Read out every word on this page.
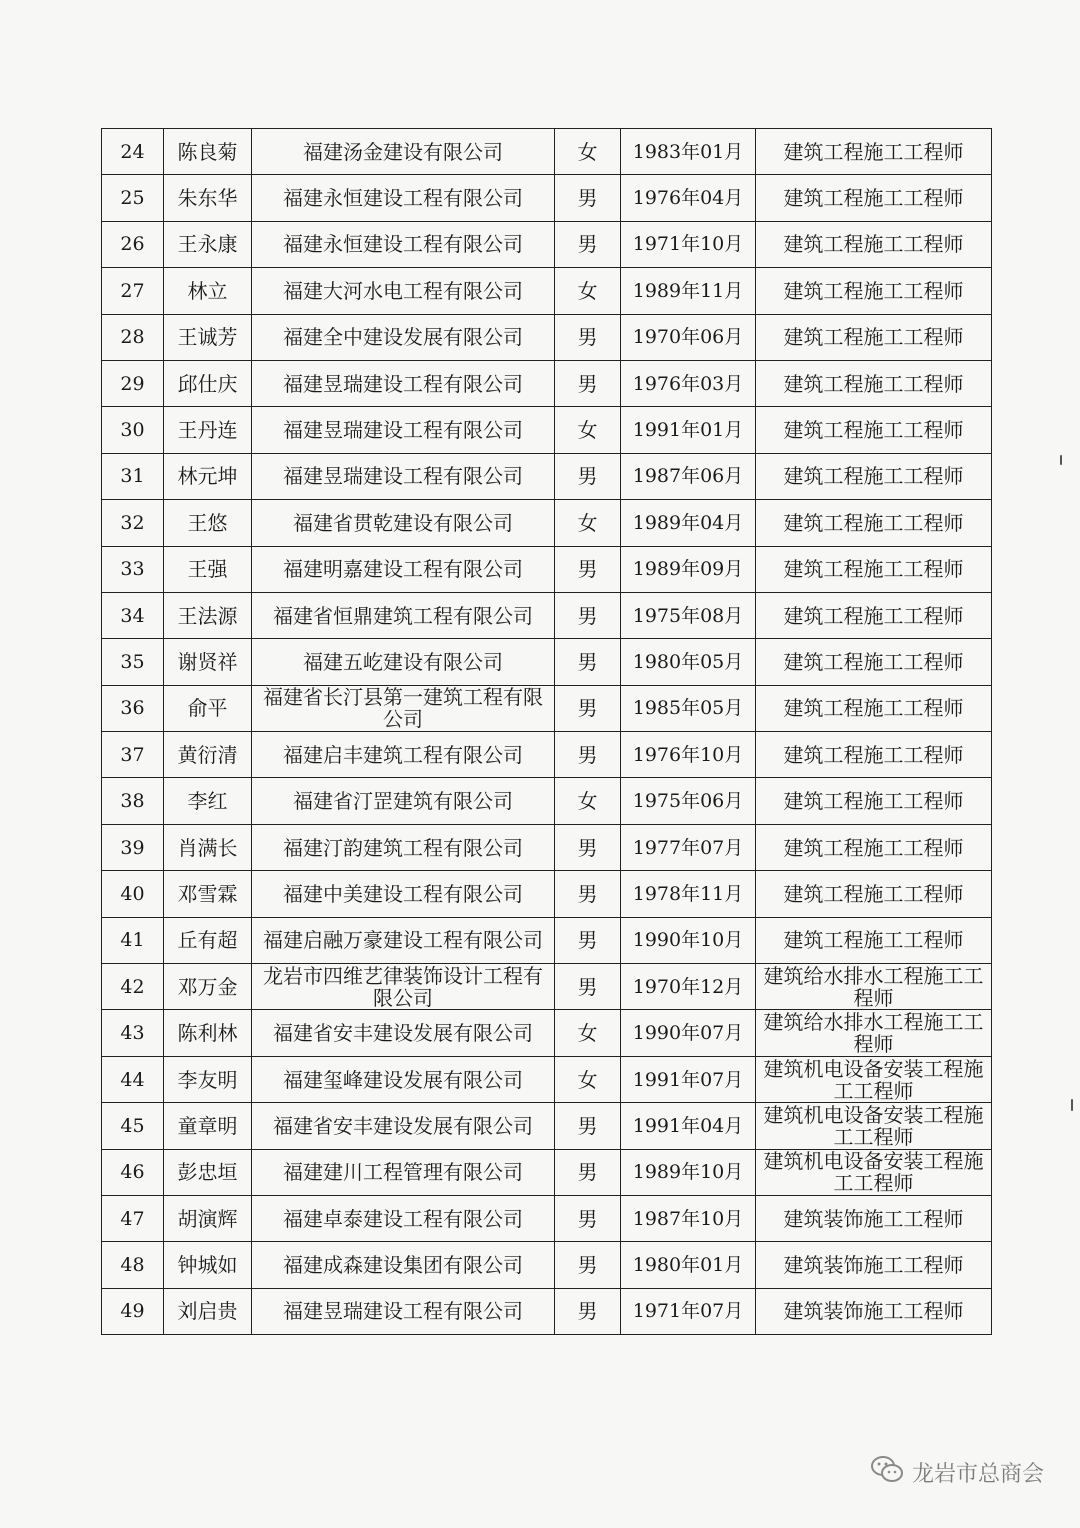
24	陈良菊	福建汤金建设有限公司	女	1983年01月	建筑工程施工工程师

25	朱东华	福建永恒建设工程有限公司	男	1976年04月	建筑工程施工工程师

26	王永康	福建永恒建设工程有限公司	男	1971年10月	建筑工程施工工程师

27	林立	福建大河水电工程有限公司	女	1989年11月	建筑工程施工工程师

28	王诚芳	福建全中建设发展有限公司	男	1970年06月	建筑工程施工工程师

29	邱仕庆	福建昱瑞建设工程有限公司	男	1976年03月	建筑工程施工工程师

30	王丹连	福建昱瑞建设工程有限公司	女	1991年01月	建筑工程施工工程师

31	林元坤	福建昱瑞建设工程有限公司	男	1987年06月	建筑工程施工工程师

32	王悠	福建省贯乾建设有限公司	女	1989年04月	建筑工程施工工程师

33	王强	福建明嘉建设工程有限公司	男	1989年09月	建筑工程施工工程师

34	王法源	福建省恒鼎建筑工程有限公司	男	1975年08月	建筑工程施工工程师

35	谢贤祥	福建五屹建设有限公司	男	1980年05月	建筑工程施工工程师

36	俞平	福建省长汀县第一建筑工程有限公司	男	1985年05月	建筑工程施工工程师

37	黄衍清	福建启丰建筑工程有限公司	男	1976年10月	建筑工程施工工程师

38	李红	福建省汀罡建筑有限公司	女	1975年06月	建筑工程施工工程师

39	肖满长	福建汀韵建筑工程有限公司	男	1977年07月	建筑工程施工工程师

40	邓雪霖	福建中美建设工程有限公司	男	1978年11月	建筑工程施工工程师

41	丘有超	福建启融万豪建设工程有限公司	男	1990年10月	建筑工程施工工程师

42	邓万金	龙岩市四维艺律装饰设计工程有限公司	男	1970年12月	建筑给水排水工程施工工程师

43	陈利林	福建省安丰建设发展有限公司	女	1990年07月	建筑给水排水工程施工工程师

44	李友明	福建玺峰建设发展有限公司	女	1991年07月	建筑机电设备安装工程施工工程师

45	童章明	福建省安丰建设发展有限公司	男	1991年04月	建筑机电设备安装工程施工工程师

46	彭忠垣	福建建川工程管理有限公司	男	1989年10月	建筑机电设备安装工程施工工程师

47	胡演辉	福建卓泰建设工程有限公司	男	1987年10月	建筑装饰施工工程师

48	钟城如	福建成森建设集团有限公司	男	1980年01月	建筑装饰施工工程师

49	刘启贵	福建昱瑞建设工程有限公司	男	1971年07月	建筑装饰施工工程师
龙岩市总商会
